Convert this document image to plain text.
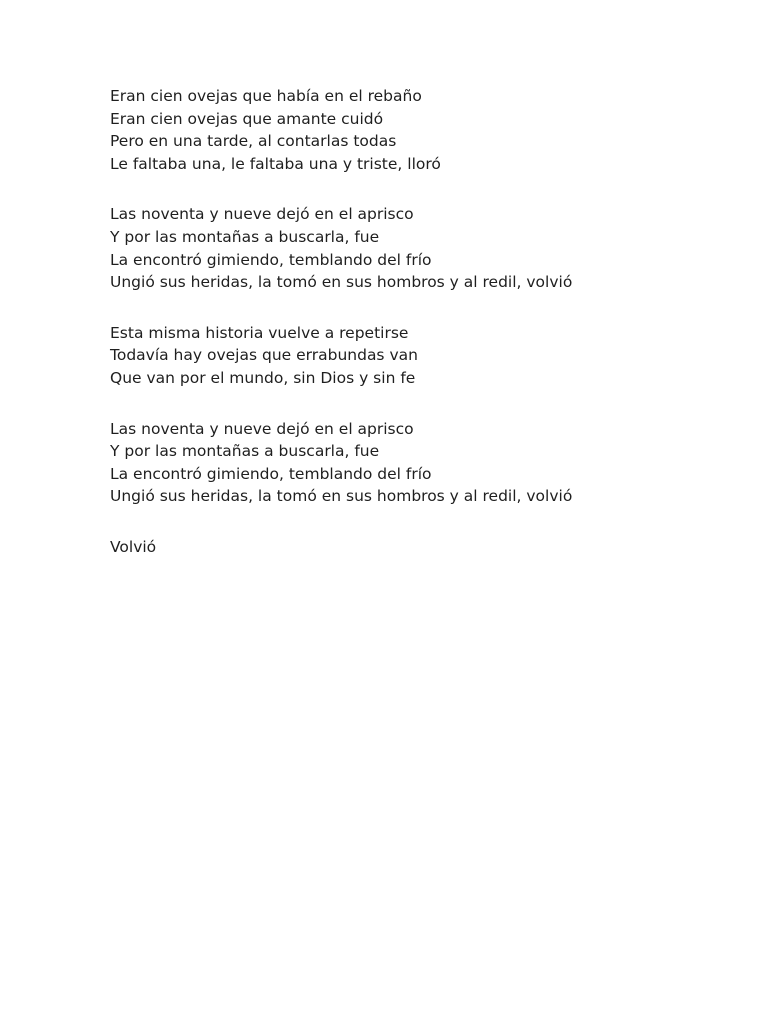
Eran cien ovejas que había en el rebaño
Eran cien ovejas que amante cuidó
Pero en una tarde, al contarlas todas
Le faltaba una, le faltaba una y triste, lloró
Las noventa y nueve dejó en el aprisco
Y por las montañas a buscarla, fue
La encontró gimiendo, temblando del frío
Ungió sus heridas, la tomó en sus hombros y al redil, volvió
Esta misma historia vuelve a repetirse
Todavía hay ovejas que errabundas van
Que van por el mundo, sin Dios y sin fe
Las noventa y nueve dejó en el aprisco
Y por las montañas a buscarla, fue
La encontró gimiendo, temblando del frío
Ungió sus heridas, la tomó en sus hombros y al redil, volvió
Volvió
